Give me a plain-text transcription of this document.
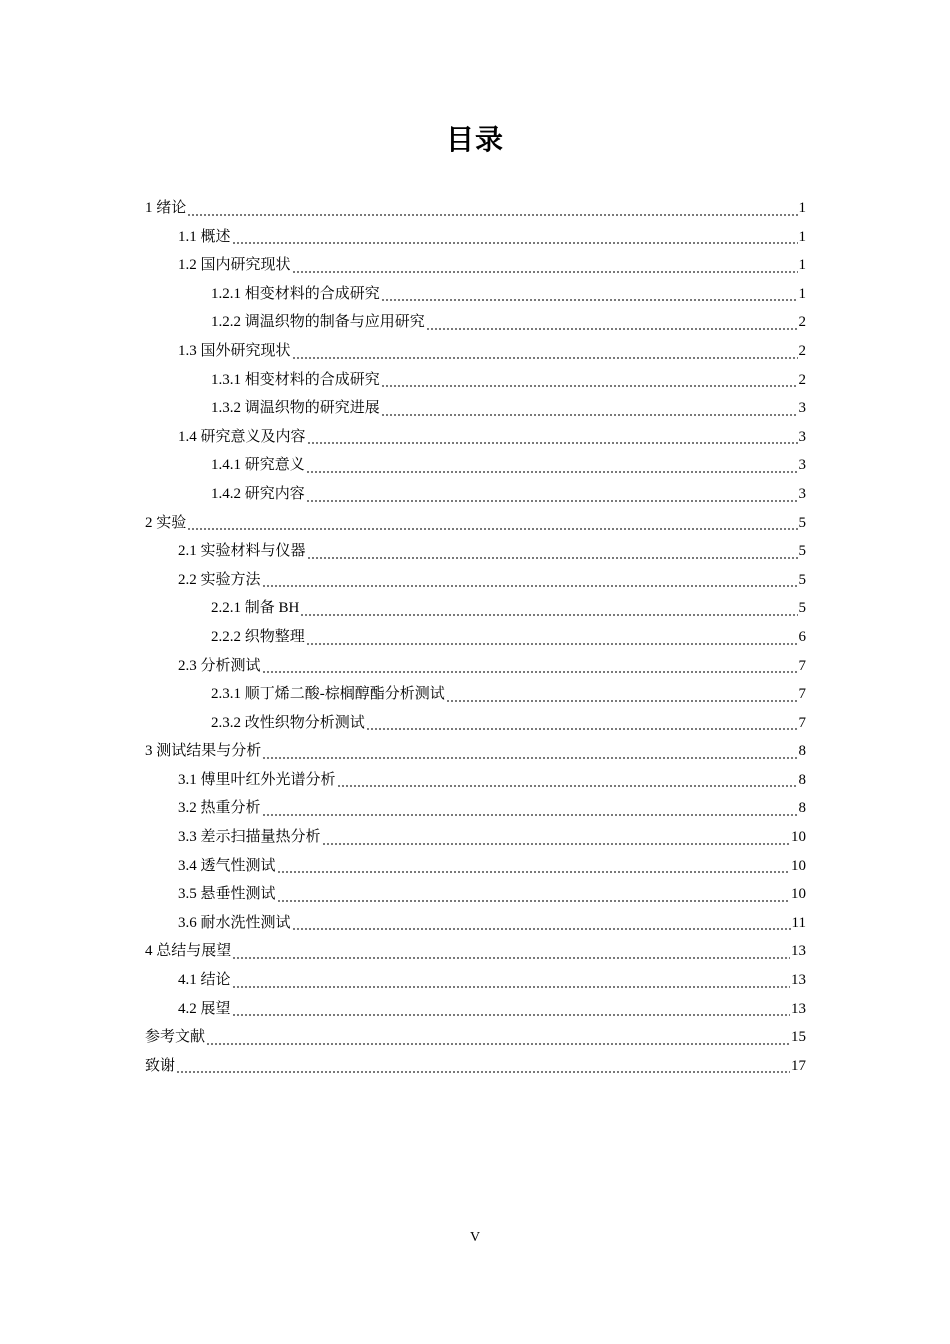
目录
1 绪论	1
1.1 概述	1
1.2 国内研究现状	1
1.2.1 相变材料的合成研究	1
1.2.2 调温织物的制备与应用研究	2
1.3 国外研究现状	2
1.3.1 相变材料的合成研究	2
1.3.2 调温织物的研究进展	3
1.4 研究意义及内容	3
1.4.1 研究意义	3
1.4.2 研究内容	3
2 实验	5
2.1 实验材料与仪器	5
2.2 实验方法	5
2.2.1 制备 BH	5
2.2.2 织物整理	6
2.3 分析测试	7
2.3.1 顺丁烯二酸-棕榈醇酯分析测试	7
2.3.2 改性织物分析测试	7
3 测试结果与分析	8
3.1 傅里叶红外光谱分析	8
3.2 热重分析	8
3.3 差示扫描量热分析	10
3.4 透气性测试	10
3.5 悬垂性测试	10
3.6 耐水洗性测试	11
4 总结与展望	13
4.1 结论	13
4.2 展望	13
参考文献	15
致谢	17
V
